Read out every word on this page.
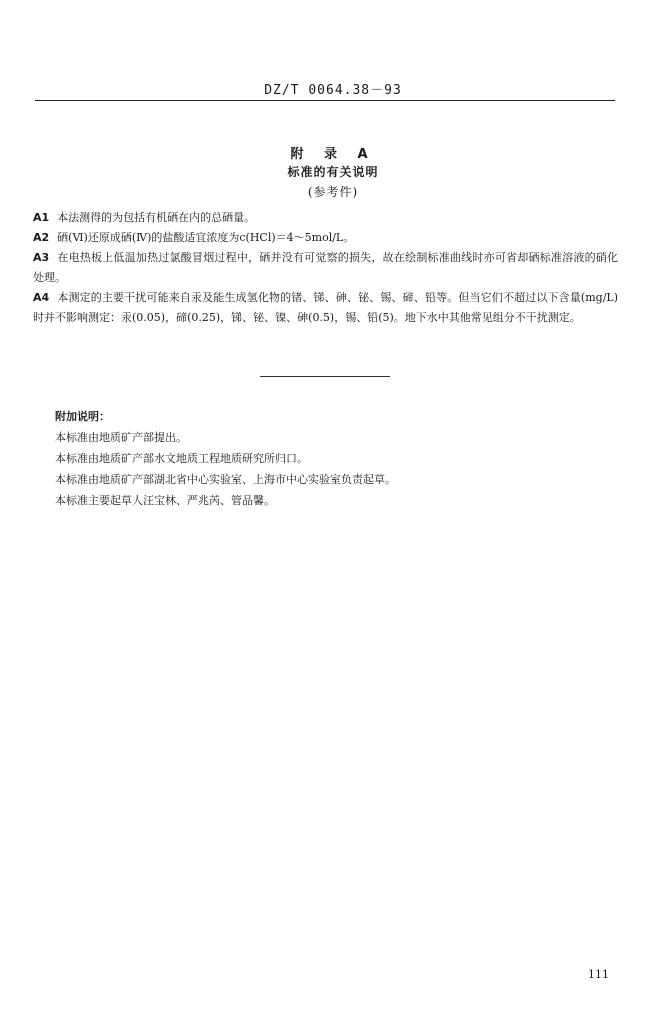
DZ/T 0064.38－93
附 录 A
标准的有关说明
(参考件)
A1 本法测得的为包括有机硒在内的总硒量。
A2 硒(Ⅵ)还原成硒(Ⅳ)的盐酸适宜浓度为c(HCl)＝4～5mol/L。
A3 在电热板上低温加热过氯酸冒烟过程中，硒并没有可觉察的损失，故在绘制标准曲线时亦可省却硒标准溶液的硝化处理。
A4 本测定的主要干扰可能来自汞及能生成氢化物的锗、锑、砷、铋、锡、碲、铅等。但当它们不超过以下含量(mg/L)时并不影响测定：汞(0.05)，碲(0.25)，锑、铋、镍、砷(0.5)，锡、铅(5)。地下水中其他常见组分不干扰测定。
附加说明：
本标准由地质矿产部提出。
本标准由地质矿产部水文地质工程地质研究所归口。
本标准由地质矿产部湖北省中心实验室、上海市中心实验室负责起草。
本标准主要起草人汪宝林、严兆芮、管品馨。
111
